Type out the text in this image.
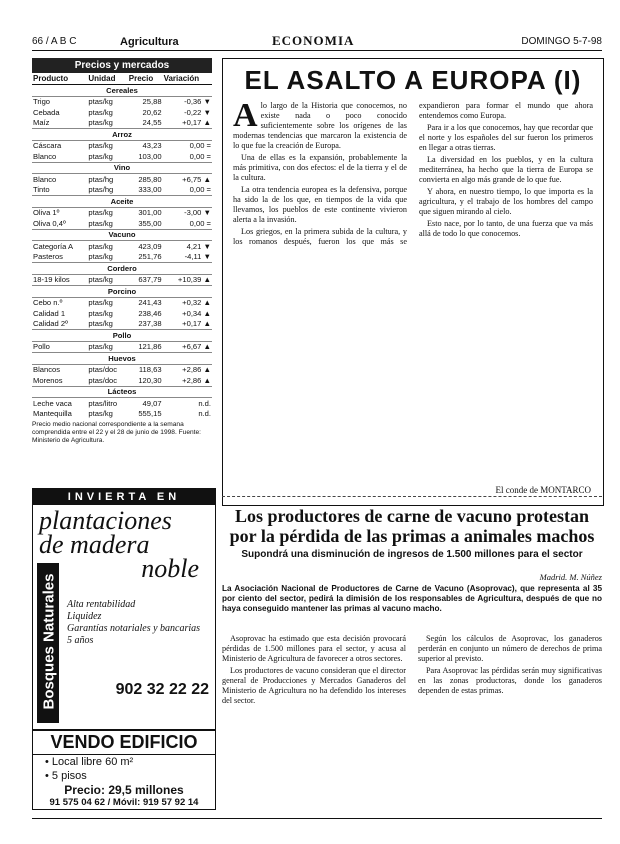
66 / A B C	Agricultura	ECONOMIA	DOMINGO 5-7-98
Precios y mercados
Producto	Unidad	Precio	Variación
Cereales			
Trigo	ptas/kg	25,88	-0,36 ▼
Cebada	ptas/kg	20,62	-0,22 ▼
Maíz	ptas/kg	24,55	+0,17 ▲
Arroz			
Cáscara	ptas/kg	43,23	0,00 =
Blanco	ptas/kg	103,00	0,00 =
Vino			
Blanco	ptas/hg	285,80	+6,75 ▲
Tinto	ptas/hg	333,00	0,00 =
Aceite			
Oliva 1º	ptas/kg	301,00	-3,00 ▼
Oliva 0,4º	ptas/kg	355,00	0,00 =
Vacuno			
Categoría A	ptas/kg	423,09	4,21 ▼
Pasteros	ptas/kg	251,76	-4,11 ▼
Cordero			
18-19 kilos	ptas/kg	637,79	+10,39 ▲
Porcino			
Cebo n.º	ptas/kg	241,43	+0,32 ▲
Calidad 1	ptas/kg	238,46	+0,34 ▲
Calidad 2º	ptas/kg	237,38	+0,17 ▲
Pollo			
Pollo	ptas/kg	121,86	+6,67 ▲
Huevos			
Blancos	ptas/doc	118,63	+2,86 ▲
Morenos	ptas/doc	120,30	+2,86 ▲
Lácteos			
Leche vaca	ptas/litro	49,07	n.d.
Mantequilla	ptas/kg	555,15	n.d.
Precio medio nacional correspondiente a la semana comprendida entre el 22 y el 28 de junio de 1998. Fuente: Ministerio de Agricultura.
EL ASALTO A EUROPA (I)

Alo largo de la Historia que conocemos, no existe nada o poco conocido suficientemente sobre los orígenes de las modernas tendencias que marcaron la existencia de lo que fue la creación de Europa.

Una de ellas es la expansión, probablemente la más primitiva, con dos efectos: el de la tierra y el de la cultura.

La otra tendencia europea es la defensiva, porque ha sido la de los que, en tiempos de la vida que llevamos, los pueblos de este continente vivieron alerta a la invasión.

Los griegos, en la primera subida de la cultura, y los romanos después, fueron los que más se expandieron para formar el mundo que ahora entendemos como Europa.

Para ir a los que conocemos, hay que recordar que el norte y los españoles del sur fueron los primeros en llegar a otras tierras.

La diversidad en los pueblos, y en la cultura mediterránea, ha hecho que la tierra de Europa se convierta en algo más grande de lo que fue.

Y ahora, en nuestro tiempo, lo que importa es la agricultura, y el trabajo de los hombres del campo que siguen mirando al cielo.

Esto nace, por lo tanto, de una fuerza que va más allá de todo lo que conocemos.

El conde de MONTARCO
INVIERTA EN
plantaciones
de madera
noble
Bosques Naturales Alta rentabilidad
Liquidez
Garantías notariales y bancarias
5 años
902 32 22 22
VENDO EDIFICIO
• Local libre 60 m²
• 5 pisos
Precio: 29,5 millones
91 575 04 62 / Móvil: 919 57 92 14
Los productores de carne de vacuno protestan por la pérdida de las primas a animales machos
Supondrá una disminución de ingresos de 1.500 millones para el sector
Madrid. M. Núñez
La Asociación Nacional de Productores de Carne de Vacuno (Asoprovac), que representa al 35 por ciento del sector, pedirá la dimisión de los responsables de Agricultura, después de que no haya conseguido mantener las primas al vacuno macho.

Asoprovac ha estimado que esta decisión provocará pérdidas de 1.500 millones para el sector, y acusa al Ministerio de Agricultura de favorecer a otros sectores.

Los productores de vacuno consideran que el director general de Producciones y Mercados Ganaderos del Ministerio de Agricultura no ha defendido los intereses del sector.

Según los cálculos de Asoprovac, los ganaderos perderán en conjunto un número de derechos de prima superior al previsto.

Para Asoprovac las pérdidas serán muy significativas en las zonas productoras, donde los ganaderos dependen de estas primas.
